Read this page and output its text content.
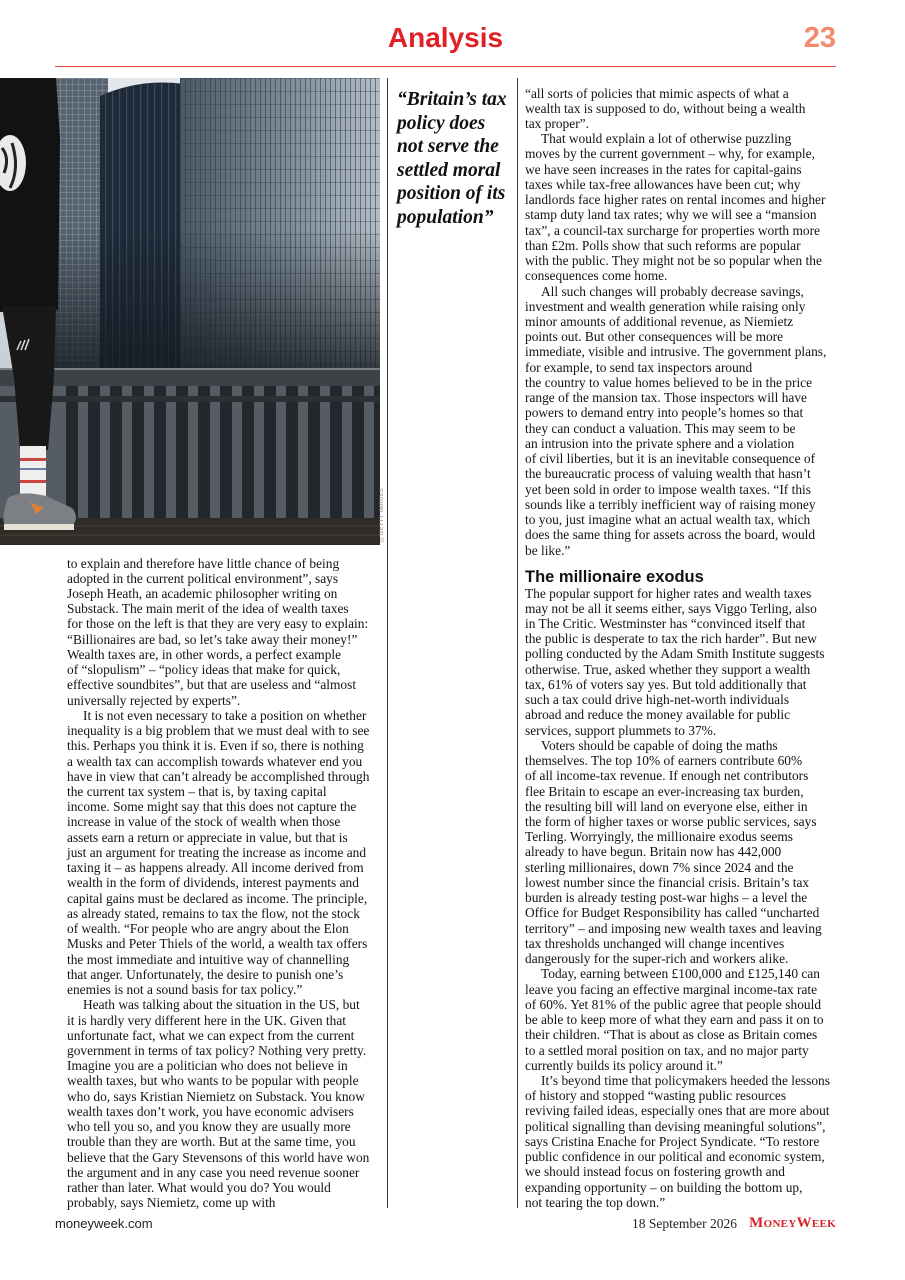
Analysis	23
©GETTY IMAGES
“Britain’s tax
policy does
not serve the
settled moral
position of its
population”
to explain and therefore have little chance of being
adopted in the current political environment”, says
Joseph Heath, an academic philosopher writing on
Substack. The main merit of the idea of wealth taxes
for those on the left is that they are very easy to explain:
“Billionaires are bad, so let’s take away their money!”
Wealth taxes are, in other words, a perfect example
of “slopulism” – “policy ideas that make for quick,
effective soundbites”, but that are useless and “almost
universally rejected by experts”.
It is not even necessary to take a position on whether
inequality is a big problem that we must deal with to see
this. Perhaps you think it is. Even if so, there is nothing
a wealth tax can accomplish towards whatever end you
have in view that can’t already be accomplished through
the current tax system – that is, by taxing capital
income. Some might say that this does not capture the
increase in value of the stock of wealth when those
assets earn a return or appreciate in value, but that is
just an argument for treating the increase as income and
taxing it – as happens already. All income derived from
wealth in the form of dividends, interest payments and
capital gains must be declared as income. The principle,
as already stated, remains to tax the flow, not the stock
of wealth. “For people who are angry about the Elon
Musks and Peter Thiels of the world, a wealth tax offers
the most immediate and intuitive way of channelling
that anger. Unfortunately, the desire to punish one’s
enemies is not a sound basis for tax policy.”
Heath was talking about the situation in the US, but
it is hardly very different here in the UK. Given that
unfortunate fact, what we can expect from the current
government in terms of tax policy? Nothing very pretty.
Imagine you are a politician who does not believe in
wealth taxes, but who wants to be popular with people
who do, says Kristian Niemietz on Substack. You know
wealth taxes don’t work, you have economic advisers
who tell you so, and you know they are usually more
trouble than they are worth. But at the same time, you
believe that the Gary Stevensons of this world have won
the argument and in any case you need revenue sooner
rather than later. What would you do? You would
probably, says Niemietz, come up with
“all sorts of policies that mimic aspects of what a
wealth tax is supposed to do, without being a wealth
tax proper”.
That would explain a lot of otherwise puzzling
moves by the current government – why, for example,
we have seen increases in the rates for capital-gains
taxes while tax-free allowances have been cut; why
landlords face higher rates on rental incomes and higher
stamp duty land tax rates; why we will see a “mansion
tax”, a council-tax surcharge for properties worth more
than £2m. Polls show that such reforms are popular
with the public. They might not be so popular when the
consequences come home.
All such changes will probably decrease savings,
investment and wealth generation while raising only
minor amounts of additional revenue, as Niemietz
points out. But other consequences will be more
immediate, visible and intrusive. The government plans,
for example, to send tax inspectors around
the country to value homes believed to be in the price
range of the mansion tax. Those inspectors will have
powers to demand entry into people’s homes so that
they can conduct a valuation. This may seem to be
an intrusion into the private sphere and a violation
of civil liberties, but it is an inevitable consequence of
the bureaucratic process of valuing wealth that hasn’t
yet been sold in order to impose wealth taxes. “If this
sounds like a terribly inefficient way of raising money
to you, just imagine what an actual wealth tax, which
does the same thing for assets across the board, would
be like.”
The millionaire exodus
The popular support for higher rates and wealth taxes
may not be all it seems either, says Viggo Terling, also
in The Critic. Westminster has “convinced itself that
the public is desperate to tax the rich harder”. But new
polling conducted by the Adam Smith Institute suggests
otherwise. True, asked whether they support a wealth
tax, 61% of voters say yes. But told additionally that
such a tax could drive high-net-worth individuals
abroad and reduce the money available for public
services, support plummets to 37%.
Voters should be capable of doing the maths
themselves. The top 10% of earners contribute 60%
of all income-tax revenue. If enough net contributors
flee Britain to escape an ever-increasing tax burden,
the resulting bill will land on everyone else, either in
the form of higher taxes or worse public services, says
Terling. Worryingly, the millionaire exodus seems
already to have begun. Britain now has 442,000
sterling millionaires, down 7% since 2024 and the
lowest number since the financial crisis. Britain’s tax
burden is already testing post-war highs – a level the
Office for Budget Responsibility has called “uncharted
territory” – and imposing new wealth taxes and leaving
tax thresholds unchanged will change incentives
dangerously for the super-rich and workers alike.
Today, earning between £100,000 and £125,140 can
leave you facing an effective marginal income-tax rate
of 60%. Yet 81% of the public agree that people should
be able to keep more of what they earn and pass it on to
their children. “That is about as close as Britain comes
to a settled moral position on tax, and no major party
currently builds its policy around it.”
It’s beyond time that policymakers heeded the lessons
of history and stopped “wasting public resources
reviving failed ideas, especially ones that are more about
political signalling than devising meaningful solutions”,
says Cristina Enache for Project Syndicate. “To restore
public confidence in our political and economic system,
we should instead focus on fostering growth and
expanding opportunity – on building the bottom up,
not tearing the top down.”
moneyweek.com	18 September 2026 MoneyWeek
